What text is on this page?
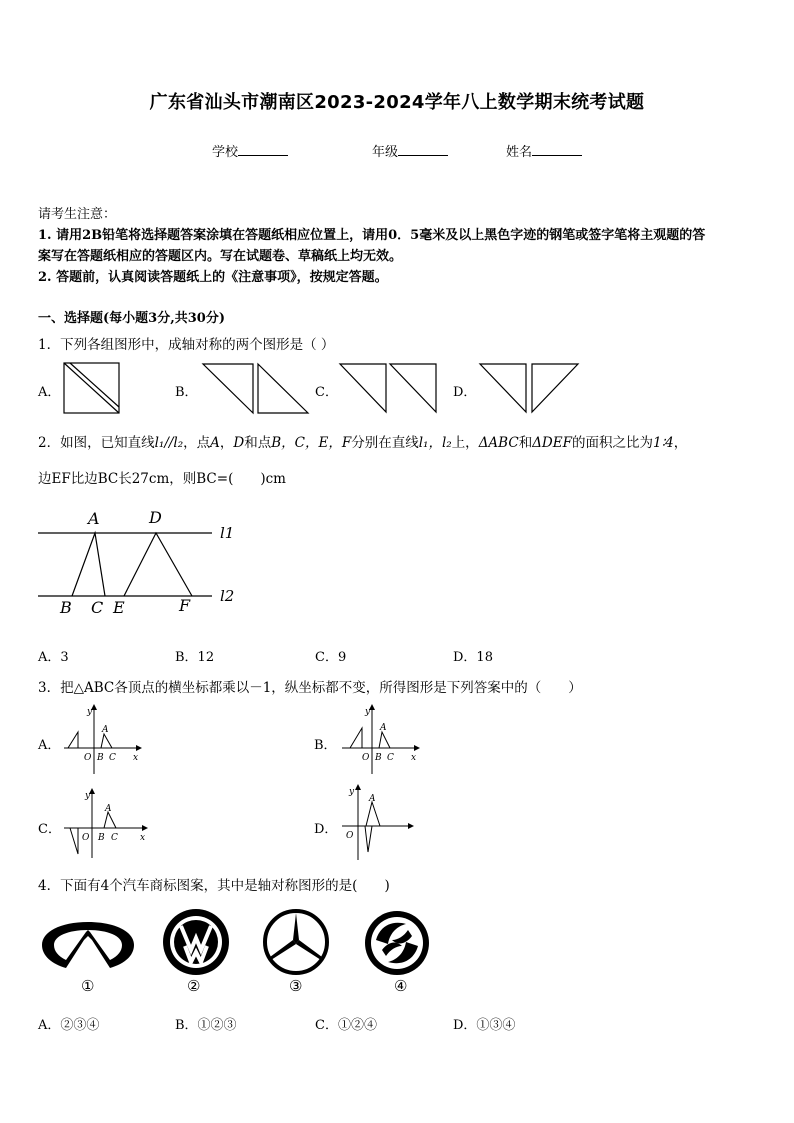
广东省汕头市潮南区2023-2024学年八上数学期末统考试题
学校	年级	姓名
请考生注意：
1. 请用2B铅笔将选择题答案涂填在答题纸相应位置上，请用0．5毫米及以上黑色字迹的钢笔或签字笔将主观题的答
案写在答题纸相应的答题区内。写在试题卷、草稿纸上均无效。
2. 答题前，认真阅读答题纸上的《注意事项》，按规定答题。
一、选择题(每小题3分,共30分)
1．下列各组图形中，成轴对称的两个图形是（ ）
A．	B．	C．	D．
2．如图，已知直线l₁//l₂，点A，D和点B，C，E，F分别在直线l₁，l₂上，ΔABC和ΔDEF的面积之比为1∶4，
边EF比边BC长27cm，则BC=(　　)cm
A	D
B C E	F
l1
l2
A．3	B．12	C．9	D．18
3．把△ABC各顶点的横坐标都乘以－1，纵坐标都不变，所得图形是下列答案中的（　　）
A．	B．
C．	D．
y
x
O
A
B C
y
x
O
A
B C
y
x
O
A
B C
y
O
A
4．下面有4个汽车商标图案，其中是轴对称图形的是(　　)
①	②	③	④
A．②③④	B．①②③	C．①②④	D．①③④
